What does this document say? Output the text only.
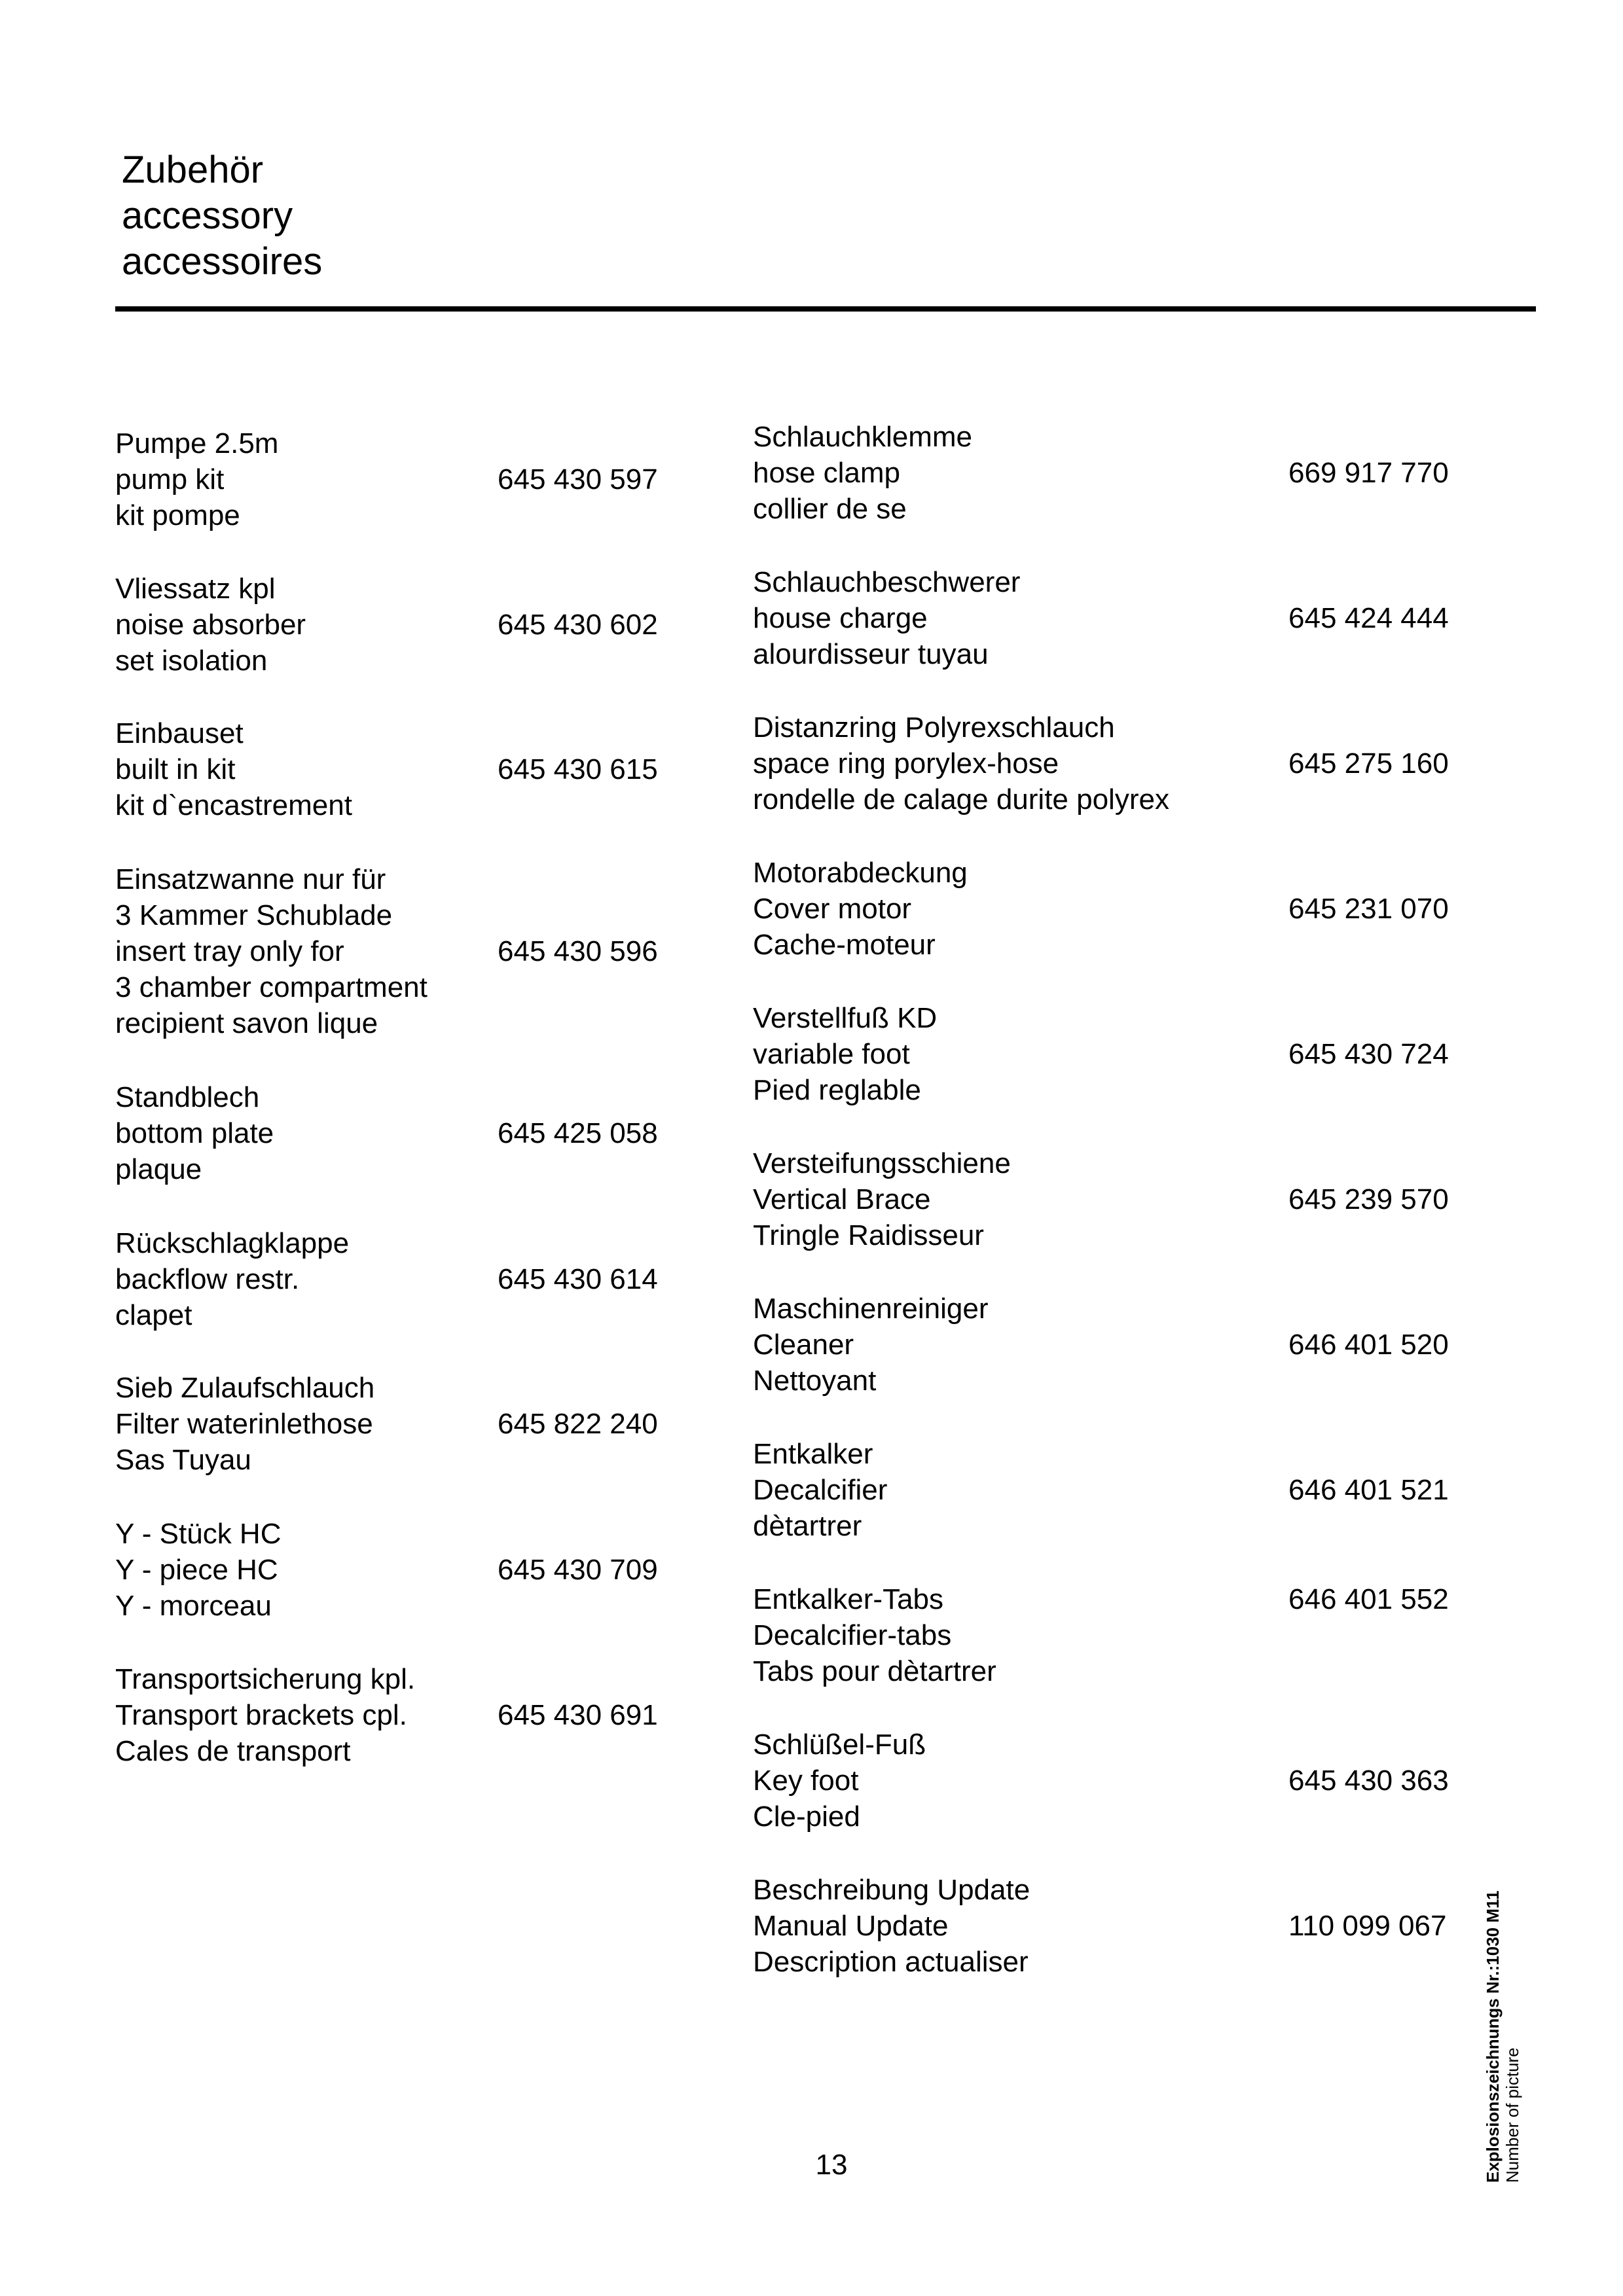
Zubehör
accessory
accessoires
Pumpe 2.5m
pump kit
kit pompe
645 430 597
Vliessatz kpl
noise absorber
set isolation
645 430 602
Einbauset
built in kit
kit d`encastrement
645 430 615
Einsatzwanne nur für
3 Kammer Schublade
insert tray only for
3 chamber compartment
recipient savon lique
645 430 596
Standblech
bottom plate
plaque
645 425 058
Rückschlagklappe
backflow restr.
clapet
645 430 614
Sieb Zulaufschlauch
Filter waterinlethose
Sas Tuyau
645 822 240
Y - Stück HC
Y - piece HC
Y - morceau
645 430 709
Transportsicherung kpl.
Transport brackets cpl.
Cales de transport
645 430 691
Schlauchklemme
hose clamp
collier de se
669 917 770
Schlauchbeschwerer
house charge
alourdisseur tuyau
645 424 444
Distanzring Polyrexschlauch
space ring porylex-hose
rondelle de calage durite polyrex
645 275 160
Motorabdeckung
Cover motor
Cache-moteur
645 231 070
Verstellfuß KD
variable foot
Pied reglable
645 430 724
Versteifungsschiene
Vertical Brace
Tringle Raidisseur
645 239 570
Maschinenreiniger
Cleaner
Nettoyant
646 401 520
Entkalker
Decalcifier
dètartrer
646 401 521
Entkalker-Tabs
Decalcifier-tabs
Tabs pour dètartrer
646 401 552
Schlüßel-Fuß
Key foot
Cle-pied
645 430 363
Beschreibung Update
Manual Update
Description actualiser
110 099 067
13	Explosionszeichnungs Nr.:1030 M11 Number of picture
